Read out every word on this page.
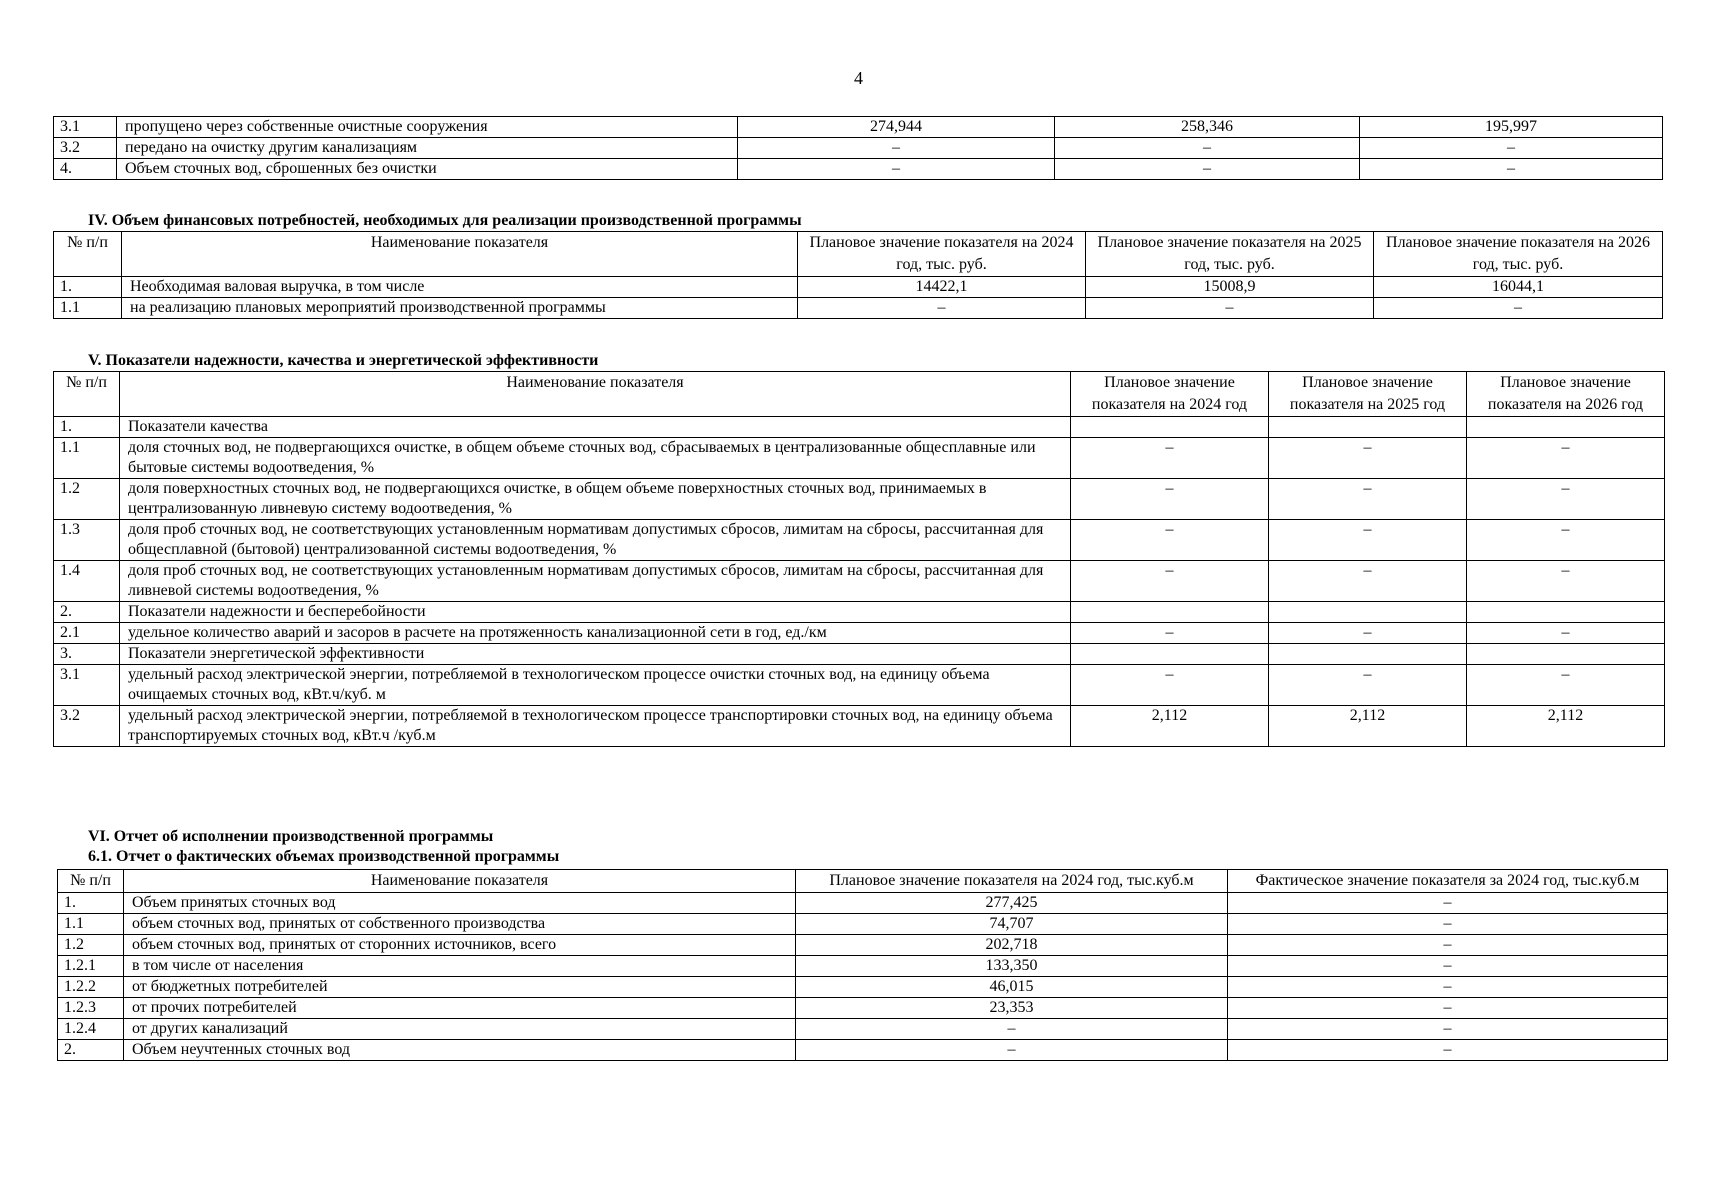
4
3.1	пропущено через собственные очистные сооружения	274,944	258,346	195,997
3.2	передано на очистку другим канализациям	–	–	–
4.	Объем сточных вод, сброшенных без очистки	–	–	–
IV. Объем финансовых потребностей, необходимых для реализации производственной программы
№ п/п	Наименование показателя	Плановое значение показателя на 2024 год, тыс. руб.	Плановое значение показателя на 2025 год, тыс. руб.	Плановое значение показателя на 2026 год, тыс. руб.
1.	Необходимая валовая выручка, в том числе	14422,1	15008,9	16044,1
1.1	на реализацию плановых мероприятий производственной программы	–	–	–
V. Показатели надежности, качества и энергетической эффективности
№ п/п	Наименование показателя	Плановое значение показателя на 2024 год	Плановое значение показателя на 2025 год	Плановое значение показателя на 2026 год
1.	Показатели качества			
1.1	доля сточных вод, не подвергающихся очистке, в общем объеме сточных вод, сбрасываемых в централизованные общесплавные или бытовые системы водоотведения, %	–	–	–
1.2	доля поверхностных сточных вод, не подвергающихся очистке, в общем объеме поверхностных сточных вод, принимаемых в централизованную ливневую систему водоотведения, %	–	–	–
1.3	доля проб сточных вод, не соответствующих установленным нормативам допустимых сбросов, лимитам на сбросы, рассчитанная для общесплавной (бытовой) централизованной системы водоотведения, %	–	–	–
1.4	доля проб сточных вод, не соответствующих установленным нормативам допустимых сбросов, лимитам на сбросы, рассчитанная для ливневой системы водоотведения, %	–	–	–
2.	Показатели надежности и бесперебойности			
2.1	удельное количество аварий и засоров в расчете на протяженность канализационной сети в год, ед./км	–	–	–
3.	Показатели энергетической эффективности			
3.1	удельный расход электрической энергии, потребляемой в технологическом процессе очистки сточных вод, на единицу объема очищаемых сточных вод, кВт.ч/куб. м	–	–	–
3.2	удельный расход электрической энергии, потребляемой в технологическом процессе транспортировки сточных вод, на единицу объема транспортируемых сточных вод, кВт.ч /куб.м	2,112	2,112	2,112
VI. Отчет об исполнении производственной программы
6.1. Отчет о фактических объемах производственной программы
№ п/п	Наименование показателя	Плановое значение показателя на 2024 год, тыс.куб.м	Фактическое значение показателя за 2024 год, тыс.куб.м
1.	Объем принятых сточных вод	277,425	–
1.1	объем сточных вод, принятых от собственного производства	74,707	–
1.2	объем сточных вод, принятых от сторонних источников, всего	202,718	–
1.2.1	в том числе от населения	133,350	–
1.2.2	от бюджетных потребителей	46,015	–
1.2.3	от прочих потребителей	23,353	–
1.2.4	от других канализаций	–	–
2.	Объем неучтенных сточных вод	–	–
